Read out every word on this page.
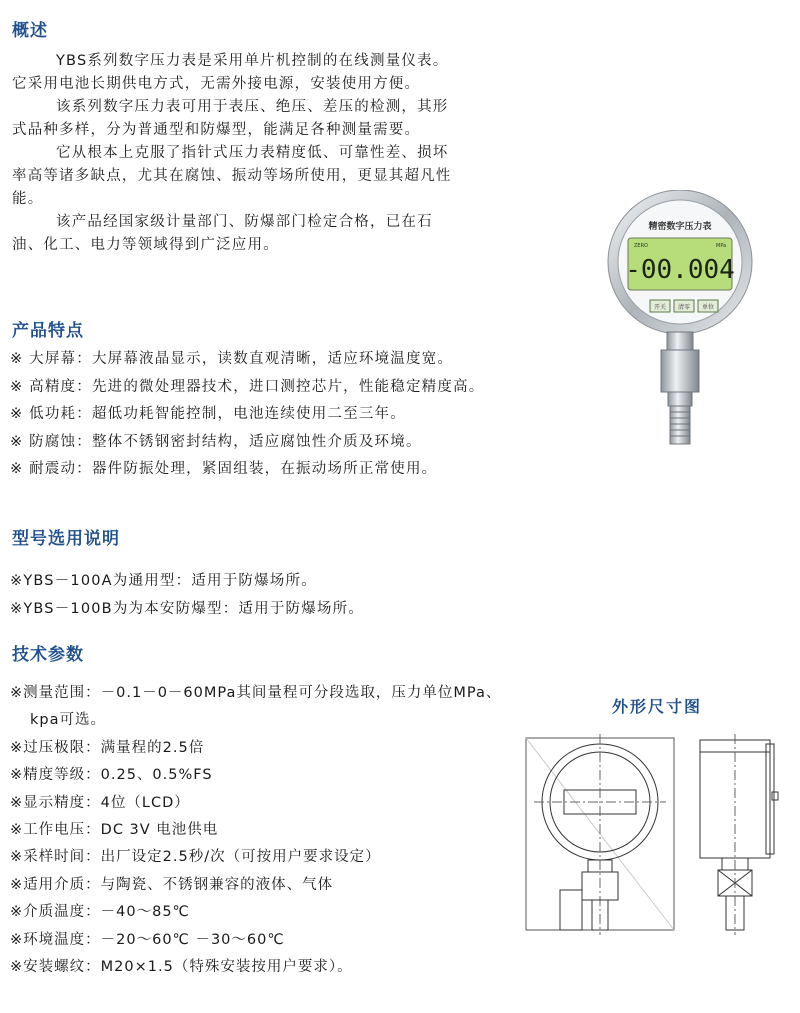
概述

YBS系列数字压力表是采用单片机控制的在线测量仪表。它采用电池长期供电方式，无需外接电源，安装使用方便。

该系列数字压力表可用于表压、绝压、差压的检测，其形式品种多样，分为普通型和防爆型，能满足各种测量需要。

它从根本上克服了指针式压力表精度低、可靠性差、损坏率高等诸多缺点，尤其在腐蚀、振动等场所使用，更显其超凡性能。

该产品经国家级计量部门、防爆部门检定合格，已在石油、化工、电力等领域得到广泛应用。

精密数字压力表
ZERO	MPa
-00.004
开关 清零 单位
产品特点
※ 大屏幕：大屏幕液晶显示，读数直观清晰，适应环境温度宽。
※ 高精度：先进的微处理器技术，进口测控芯片，性能稳定精度高。
※ 低功耗：超低功耗智能控制，电池连续使用二至三年。
※ 防腐蚀：整体不锈钢密封结构，适应腐蚀性介质及环境。
※ 耐震动：器件防振处理，紧固组装，在振动场所正常使用。
型号选用说明
※YBS－100A为通用型：适用于防爆场所。
※YBS－100B为为本安防爆型：适用于防爆场所。
技术参数
※测量范围：－0.1－0－60MPa其间量程可分段选取，压力单位MPa、
kpa可选。
※过压极限：满量程的2.5倍
※精度等级：0.25、0.5%FS
※显示精度：4位（LCD）
※工作电压：DC 3V 电池供电
※采样时间：出厂设定2.5秒/次（可按用户要求设定）
※适用介质：与陶瓷、不锈钢兼容的液体、气体
※介质温度：－40～85℃
※环境温度：－20～60℃ －30～60℃
※安装螺纹：M20×1.5（特殊安装按用户要求）。
外形尺寸图
